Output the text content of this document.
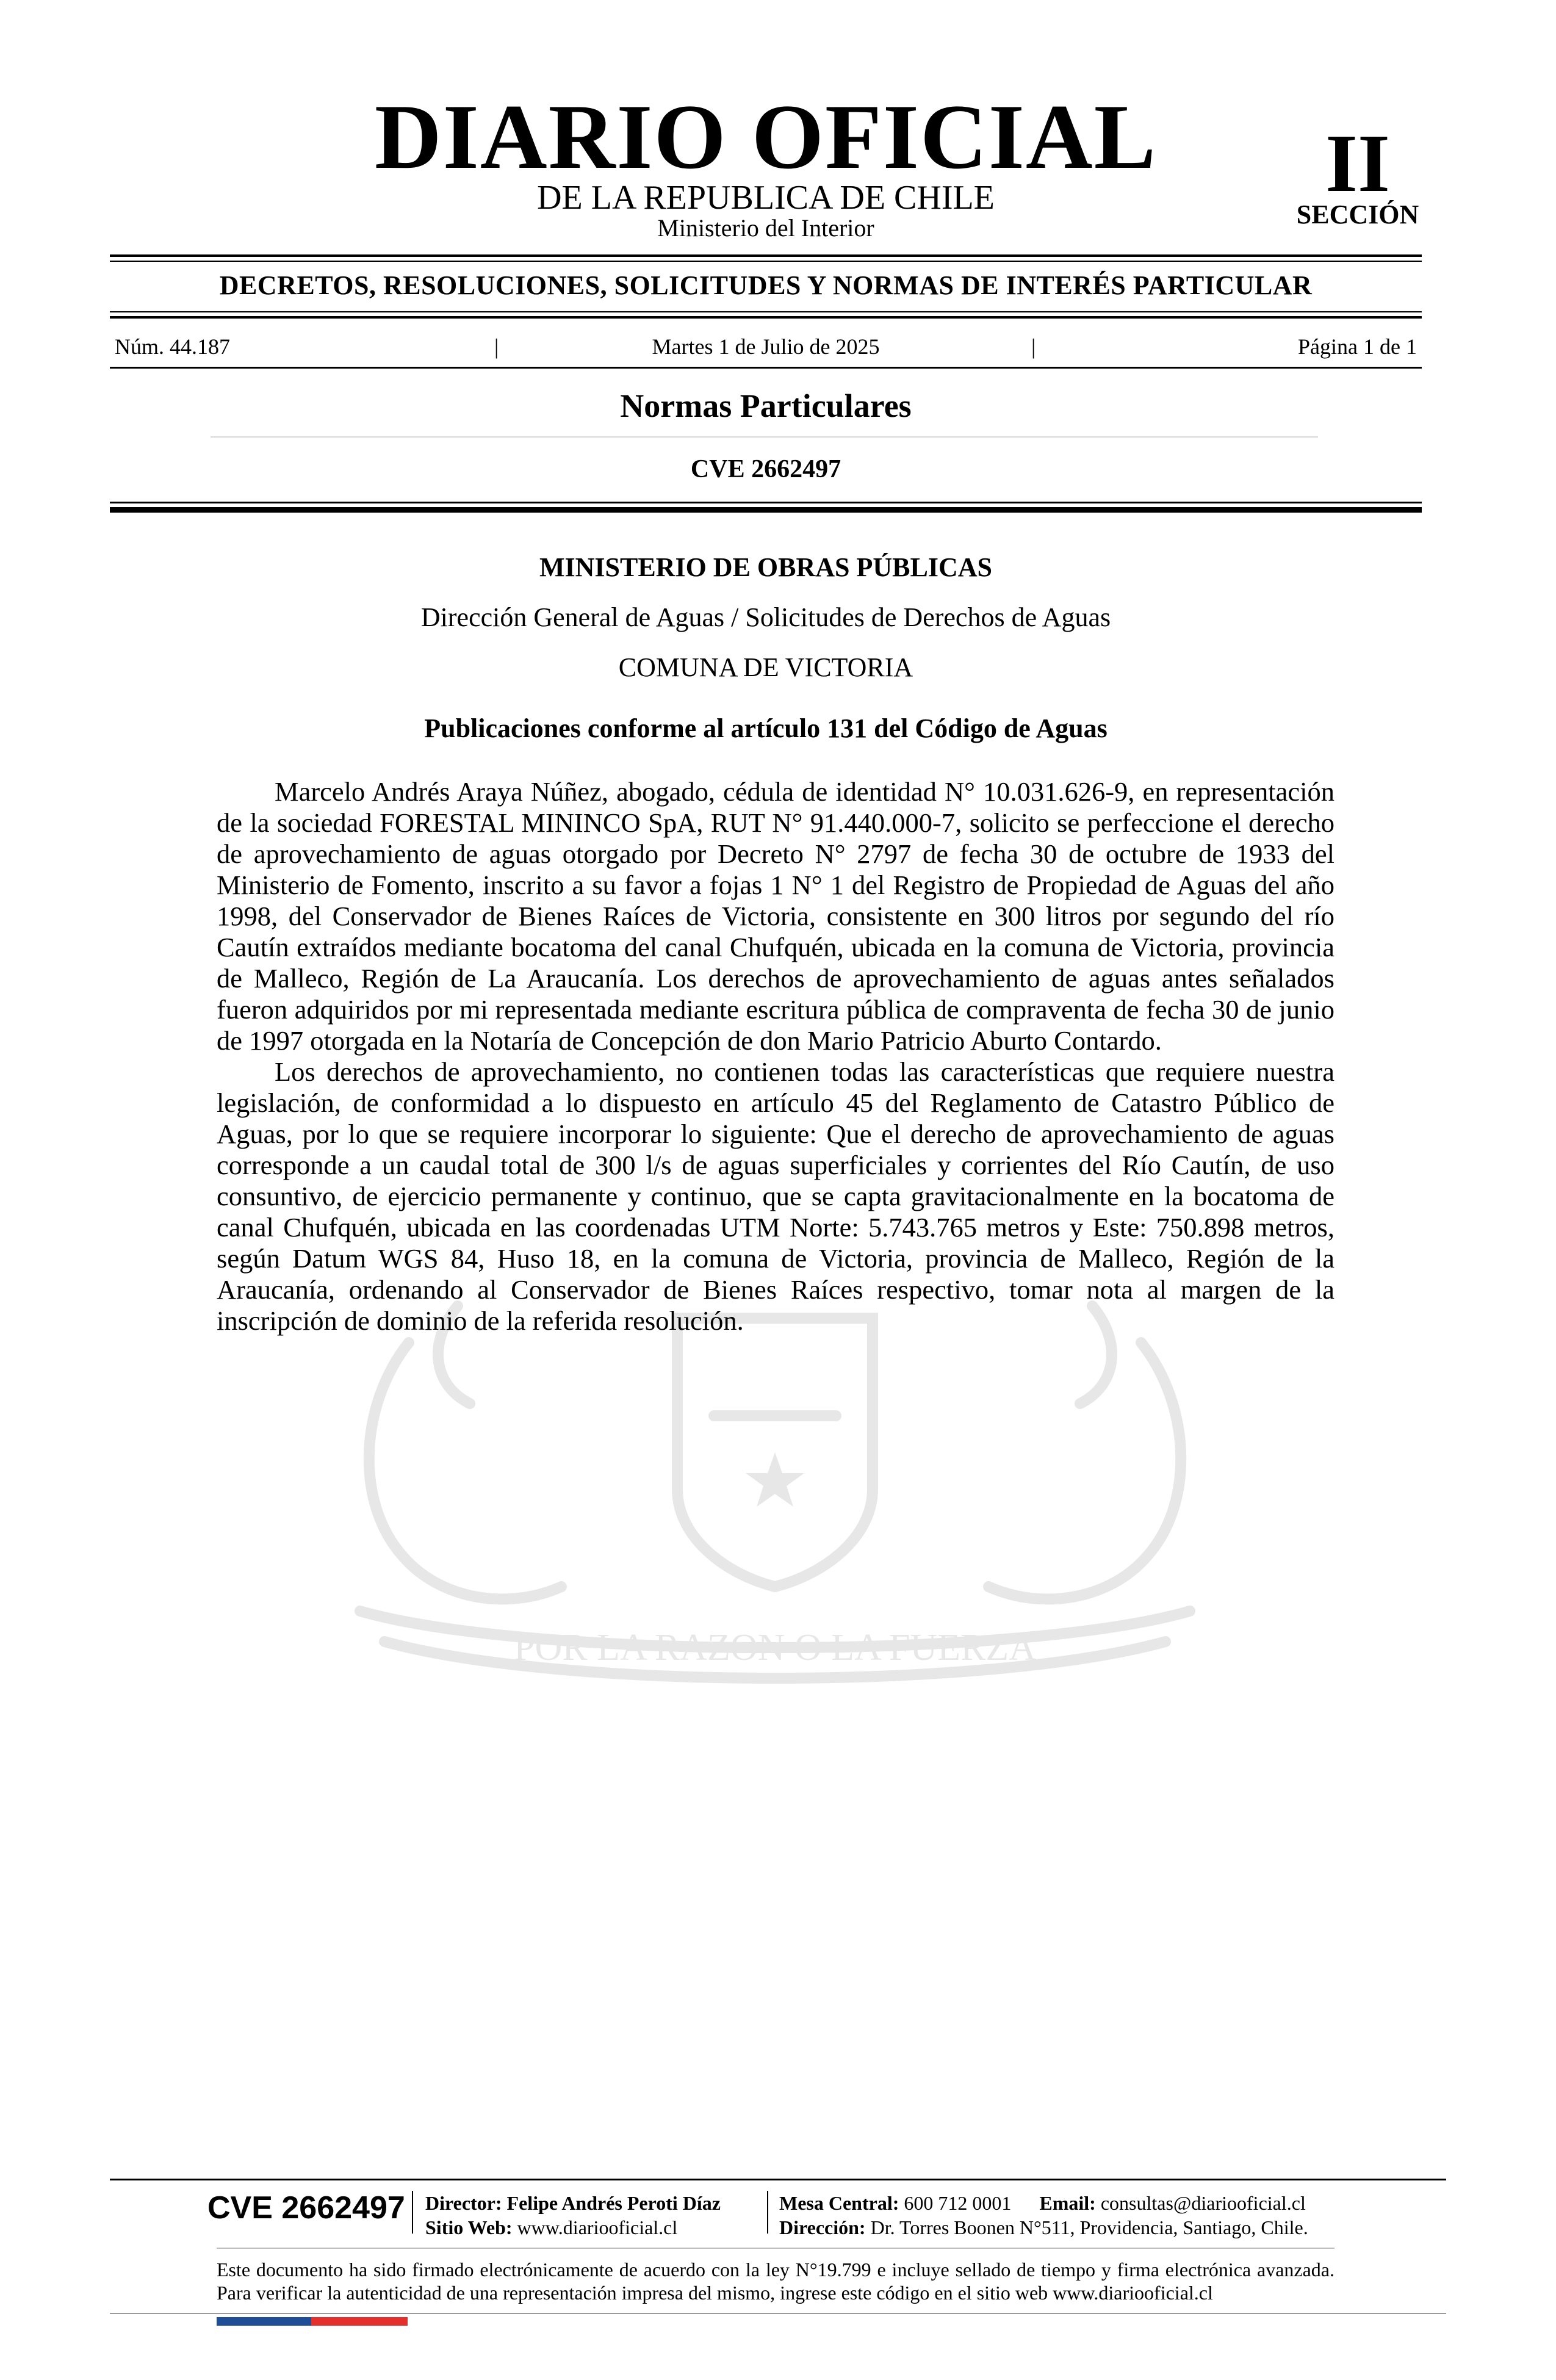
DIARIO OFICIAL
DE LA REPUBLICA DE CHILE
Ministerio del Interior
II
SECCIÓN
DECRETOS, RESOLUCIONES, SOLICITUDES Y NORMAS DE INTERÉS PARTICULAR
Núm. 44.187	|	Martes 1 de Julio de 2025	|	Página 1 de 1
Normas Particulares
CVE 2662497
POR LA RAZON O LA FUERZA
MINISTERIO DE OBRAS PÚBLICAS
Dirección General de Aguas / Solicitudes de Derechos de Aguas
COMUNA DE VICTORIA
Publicaciones conforme al artículo 131 del Código de Aguas

Marcelo Andrés Araya Núñez, abogado, cédula de identidad N° 10.031.626-9, en representación de la sociedad FORESTAL MININCO SpA, RUT N° 91.440.000-7, solicito se perfeccione el derecho de aprovechamiento de aguas otorgado por Decreto N° 2797 de fecha 30 de octubre de 1933 del Ministerio de Fomento, inscrito a su favor a fojas 1 N° 1 del Registro de Propiedad de Aguas del año 1998, del Conservador de Bienes Raíces de Victoria, consistente en 300 litros por segundo del río Cautín extraídos mediante bocatoma del canal Chufquén, ubicada en la comuna de Victoria, provincia de Malleco, Región de La Araucanía. Los derechos de aprovechamiento de aguas antes señalados fueron adquiridos por mi representada mediante escritura pública de compraventa de fecha 30 de junio de 1997 otorgada en la Notaría de Concepción de don Mario Patricio Aburto Contardo.

Los derechos de aprovechamiento, no contienen todas las características que requiere nuestra legislación, de conformidad a lo dispuesto en artículo 45 del Reglamento de Catastro Público de Aguas, por lo que se requiere incorporar lo siguiente: Que el derecho de aprovechamiento de aguas corresponde a un caudal total de 300 l/s de aguas superficiales y corrientes del Río Cautín, de uso consuntivo, de ejercicio permanente y continuo, que se capta gravitacionalmente en la bocatoma de canal Chufquén, ubicada en las coordenadas UTM Norte: 5.743.765 metros y Este: 750.898 metros, según Datum WGS 84, Huso 18, en la comuna de Victoria, provincia de Malleco, Región de la Araucanía, ordenando al Conservador de Bienes Raíces respectivo, tomar nota al margen de la inscripción de dominio de la referida resolución.

CVE 2662497 Director: Felipe Andrés Peroti Díaz
Sitio Web: www.diariooficial.cl
Mesa Central: 600 712 0001 Email: consultas@diariooficial.cl
Dirección: Dr. Torres Boonen N°511, Providencia, Santiago, Chile.
Este documento ha sido firmado electrónicamente de acuerdo con la ley N°19.799 e incluye sellado de tiempo y firma electrónica avanzada. Para verificar la autenticidad de una representación impresa del mismo, ingrese este código en el sitio web www.diariooficial.cl
